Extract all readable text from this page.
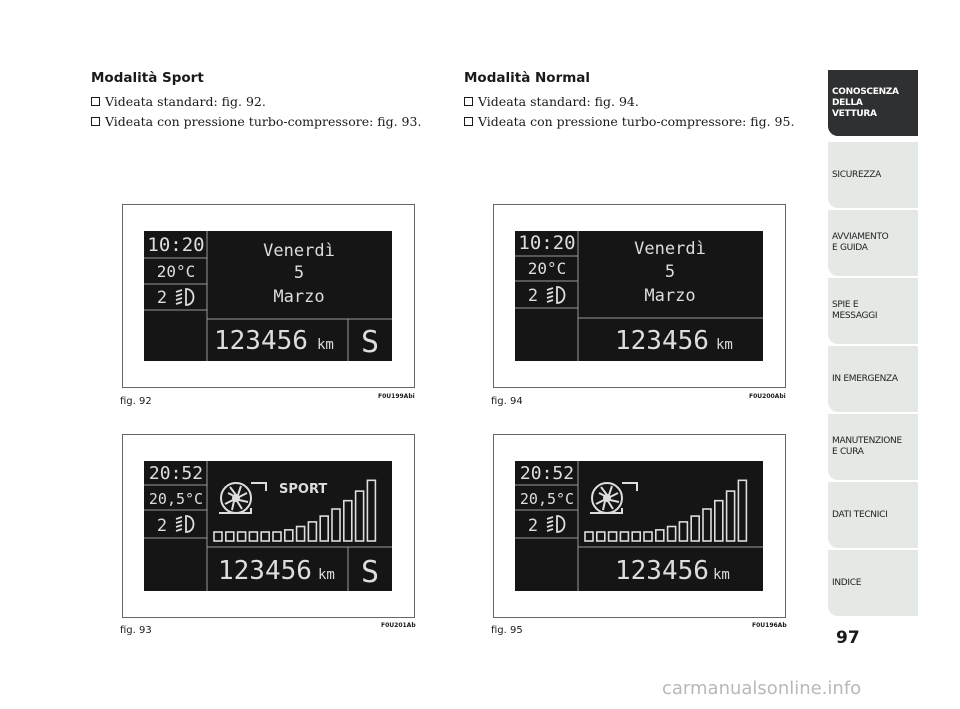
Modalità Sport
Videata standard: fig. 92.
Videata con pressione turbo-compressore: fig. 93.
Modalità Normal
Videata standard: fig. 94.
Videata con pressione turbo-compressore: fig. 95.
10:20
20°C
2
Venerdì
5
Marzo
123456 km S
fig. 92	F0U199Abi
20:52
20,5°C
2
SPORT
123456 km S
fig. 93	F0U201Ab
10:20
20°C
2
Venerdì
5
Marzo
123456 km
fig. 94	F0U200Abi
20:52
20,5°C
2
123456 km
fig. 95	F0U196Ab
CONOSCENZA DELLA VETTURA
SICUREZZA
AVVIAMENTO E GUIDA
SPIE E MESSAGGI
IN EMERGENZA
MANUTENZIONE E CURA
DATI TECNICI
INDICE
97
carmanualsonline.info
